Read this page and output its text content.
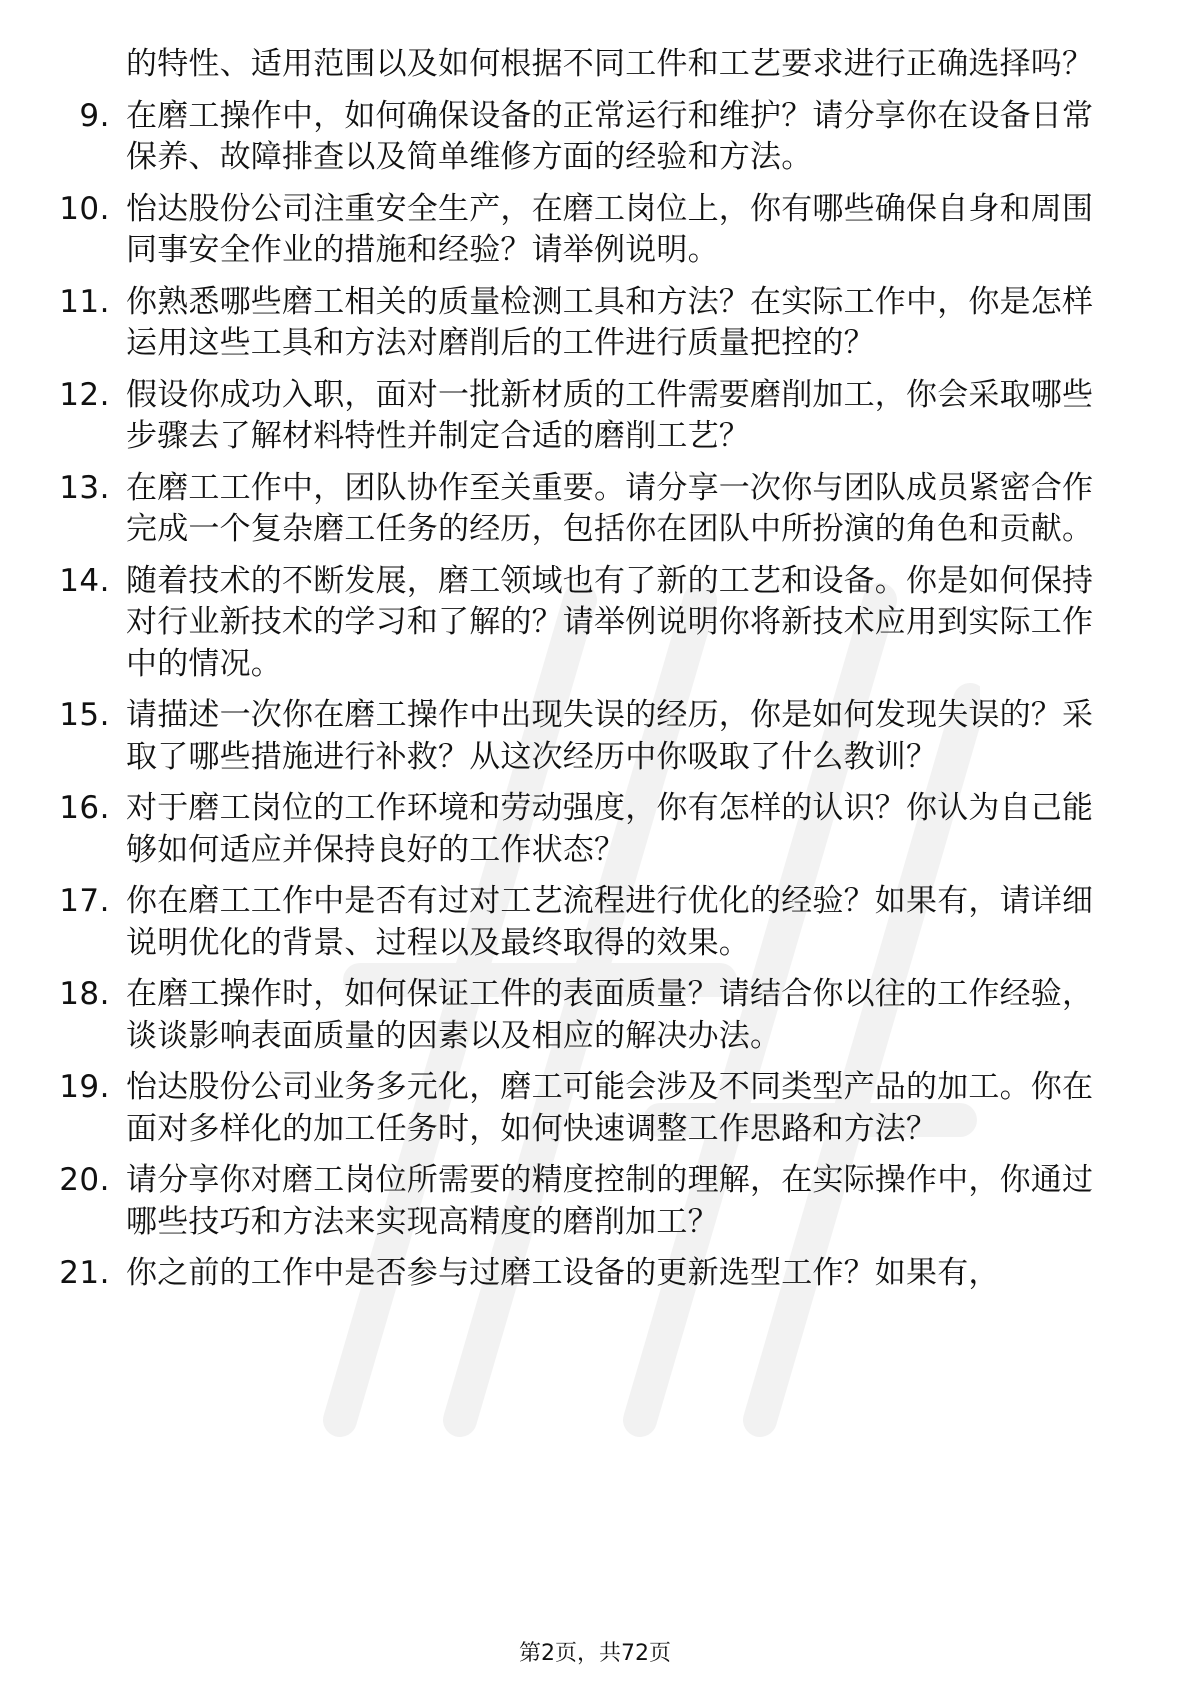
的特性、适用范围以及如何根据不同工件和工艺要求进行正确选择吗？
9. 在磨工操作中，如何确保设备的正常运行和维护？请分享你在设备日常保养、故障排查以及简单维修方面的经验和方法。
10. 怡达股份公司注重安全生产，在磨工岗位上，你有哪些确保自身和周围同事安全作业的措施和经验？请举例说明。
11. 你熟悉哪些磨工相关的质量检测工具和方法？在实际工作中，你是怎样运用这些工具和方法对磨削后的工件进行质量把控的？
12. 假设你成功入职，面对一批新材质的工件需要磨削加工，你会采取哪些步骤去了解材料特性并制定合适的磨削工艺？
13. 在磨工工作中，团队协作至关重要。请分享一次你与团队成员紧密合作完成一个复杂磨工任务的经历，包括你在团队中所扮演的角色和贡献。
14. 随着技术的不断发展，磨工领域也有了新的工艺和设备。你是如何保持对行业新技术的学习和了解的？请举例说明你将新技术应用到实际工作中的情况。
15. 请描述一次你在磨工操作中出现失误的经历，你是如何发现失误的？采取了哪些措施进行补救？从这次经历中你吸取了什么教训？
16. 对于磨工岗位的工作环境和劳动强度，你有怎样的认识？你认为自己能够如何适应并保持良好的工作状态？
17. 你在磨工工作中是否有过对工艺流程进行优化的经验？如果有，请详细说明优化的背景、过程以及最终取得的效果。
18. 在磨工操作时，如何保证工件的表面质量？请结合你以往的工作经验，谈谈影响表面质量的因素以及相应的解决办法。
19. 怡达股份公司业务多元化，磨工可能会涉及不同类型产品的加工。你在面对多样化的加工任务时，如何快速调整工作思路和方法？
20. 请分享你对磨工岗位所需要的精度控制的理解，在实际操作中，你通过哪些技巧和方法来实现高精度的磨削加工？
21. 你之前的工作中是否参与过磨工设备的更新选型工作？如果有，
第2页，共72页
